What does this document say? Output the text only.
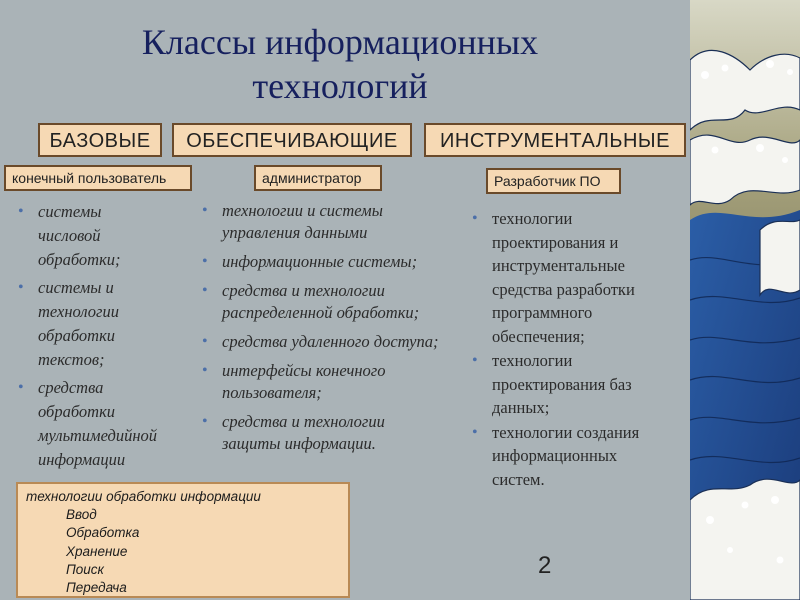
Классы информационных
технологий
БАЗОВЫЕ	ОБЕСПЕЧИВАЮЩИЕ	ИНСТРУМЕНТАЛЬНЫЕ
конечный пользователь	администратор	Разработчик ПО
• системы
числовой
обработки;
• системы и
технологии
обработки
текстов;
• средства
обработки
мультимедийной
информации
• технологии и системы
управления данными
• информационные системы;
• средства и технологии
распределенной обработки;
• средства удаленного доступа;
• интерфейсы конечного
пользователя;
• средства и технологии
защиты информации.
• технологии
проектирования и
инструментальные
средства разработки
программного
обеспечения;
• технологии
проектирования баз
данных;
• технологии создания
информационных
систем.
технологии обработки информации
Ввод
Обработка
Хранение
Поиск
Передача
2
